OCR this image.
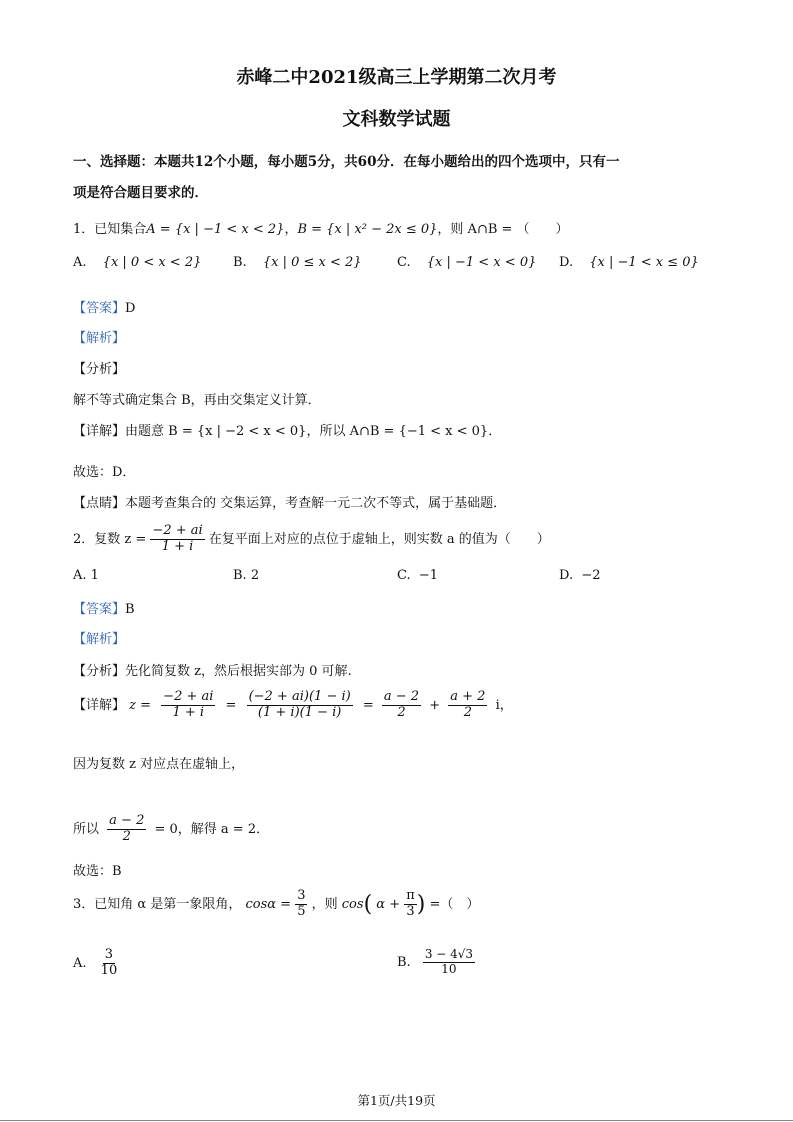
赤峰二中2021级高三上学期第二次月考
文科数学试题
一、选择题：本题共12个小题，每小题5分，共60分．在每小题给出的四个选项中，只有一
项是符合题目要求的．
1．已知集合A = {x | −1 < x < 2}，B = {x | x² − 2x ≤ 0}，则 A∩B = （　　）
A. {x | 0 < x < 2} B. {x | 0 ≤ x < 2}	C. {x | −1 < x < 0} D. {x | −1 < x ≤ 0}
【答案】D
【解析】
【分析】
解不等式确定集合 B，再由交集定义计算．
【详解】由题意 B = {x | −2 < x < 0}，所以 A∩B = {−1 < x < 0}．
故选：D．
【点睛】本题考查集合的 交集运算，考查解一元二次不等式，属于基础题．
2．复数 $z = \frac{-2 + ai}{1 + i}$ 在复平面上对应的点位于虚轴上，则实数 a 的值为（　　）
A. 1	B. 2	C. −1	D. −2
【答案】B
【解析】
【分析】先化简复数 z，然后根据实部为 0 可解.
【详解】 $z = \frac{-2 + ai}{1 + i} = \frac{(-2 + ai)(1 - i)}{(1 + i)(1 - i)} = \frac{a - 2}{2} + \frac{a + 2}{2}$ i，
因为复数 z 对应点在虚轴上，
所以 $\frac{a - 2}{2} = 0$，解得 a = 2．
故选：B
3．已知角 α 是第一象限角， $\cos\alpha = \frac{3}{5}$ ，则 cos( $\alpha + \frac{\pi}{3}$ ) =（　）
A. $\frac{3}{10}$	B. $\frac{3 - 4√3}{10}$
第1页/共19页
